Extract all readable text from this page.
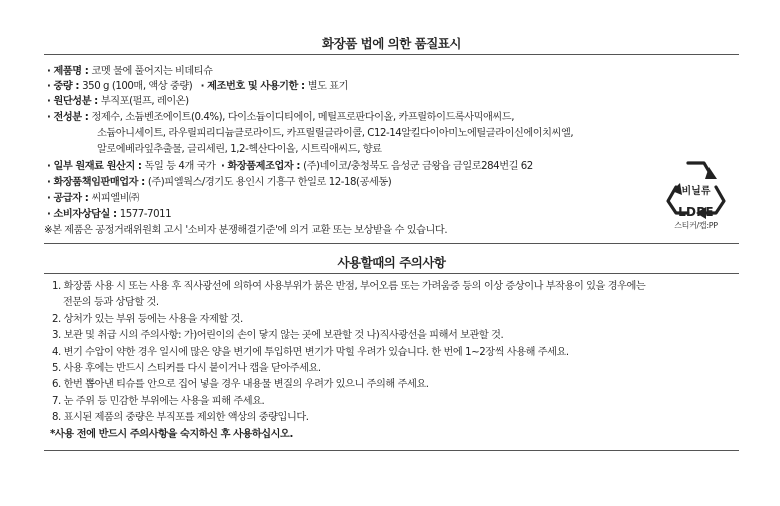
화장품 법에 의한 품질표시
· 제품명 : 코멧 물에 풀어지는 비데티슈
· 중량 : 350 g (100매, 액상 중량) · 제조번호 및 사용기한 : 별도 표기
· 원단성분 : 부직포(펄프, 레이온)
· 전성분 : 정제수, 소듐벤조에이트(0.4%), 다이소듐이디티에이, 메틸프로판다이올, 카프릴하이드록사믹애씨드,
소듐아니세이트, 라우릴피리디늄클로라이드, 카프릴릴글라이콜, C12-14알킬다이아미노에틸글라이신에이치씨엘,
알로에베라잎추출물, 글리세린, 1,2-헥산다이올, 시트릭애씨드, 향료
· 일부 원재료 원산지 : 독일 등 4개 국가 · 화장품제조업자 : (주)네이코/충청북도 음성군 금왕읍 금일로284번길 62
· 화장품책임판매업자 : (주)피엘웍스/경기도 용인시 기흥구 한일로 12-18(공세동)
· 공급자 : 씨피엘비㈜
· 소비자상담실 : 1577-7011
※본 제품은 공정거래위원회 고시 '소비자 분쟁해결기준'에 의거 교환 또는 보상받을 수 있습니다.
비닐류
LDPE
스티커/캡:PP
사용할때의 주의사항
1. 화장품 사용 시 또는 사용 후 직사광선에 의하여 사용부위가 붉은 반점, 부어오름 또는 가려움증 등의 이상 증상이나 부작용이 있을 경우에는
전문의 등과 상담할 것.
2. 상처가 있는 부위 등에는 사용을 자제할 것.
3. 보관 및 취급 시의 주의사항: 가)어린이의 손이 닿지 않는 곳에 보관할 것 나)직사광선을 피해서 보관할 것.
4. 변기 수압이 약한 경우 일시에 많은 양을 변기에 투입하면 변기가 막힐 우려가 있습니다. 한 번에 1~2장씩 사용해 주세요.
5. 사용 후에는 반드시 스티커를 다시 붙이거나 캡을 닫아주세요.
6. 한번 뽑아낸 티슈를 안으로 집어 넣을 경우 내용물 변질의 우려가 있으니 주의해 주세요.
7. 눈 주위 등 민감한 부위에는 사용을 피해 주세요.
8. 표시된 제품의 중량은 부직포를 제외한 액상의 중량입니다.
*사용 전에 반드시 주의사항을 숙지하신 후 사용하십시오.
